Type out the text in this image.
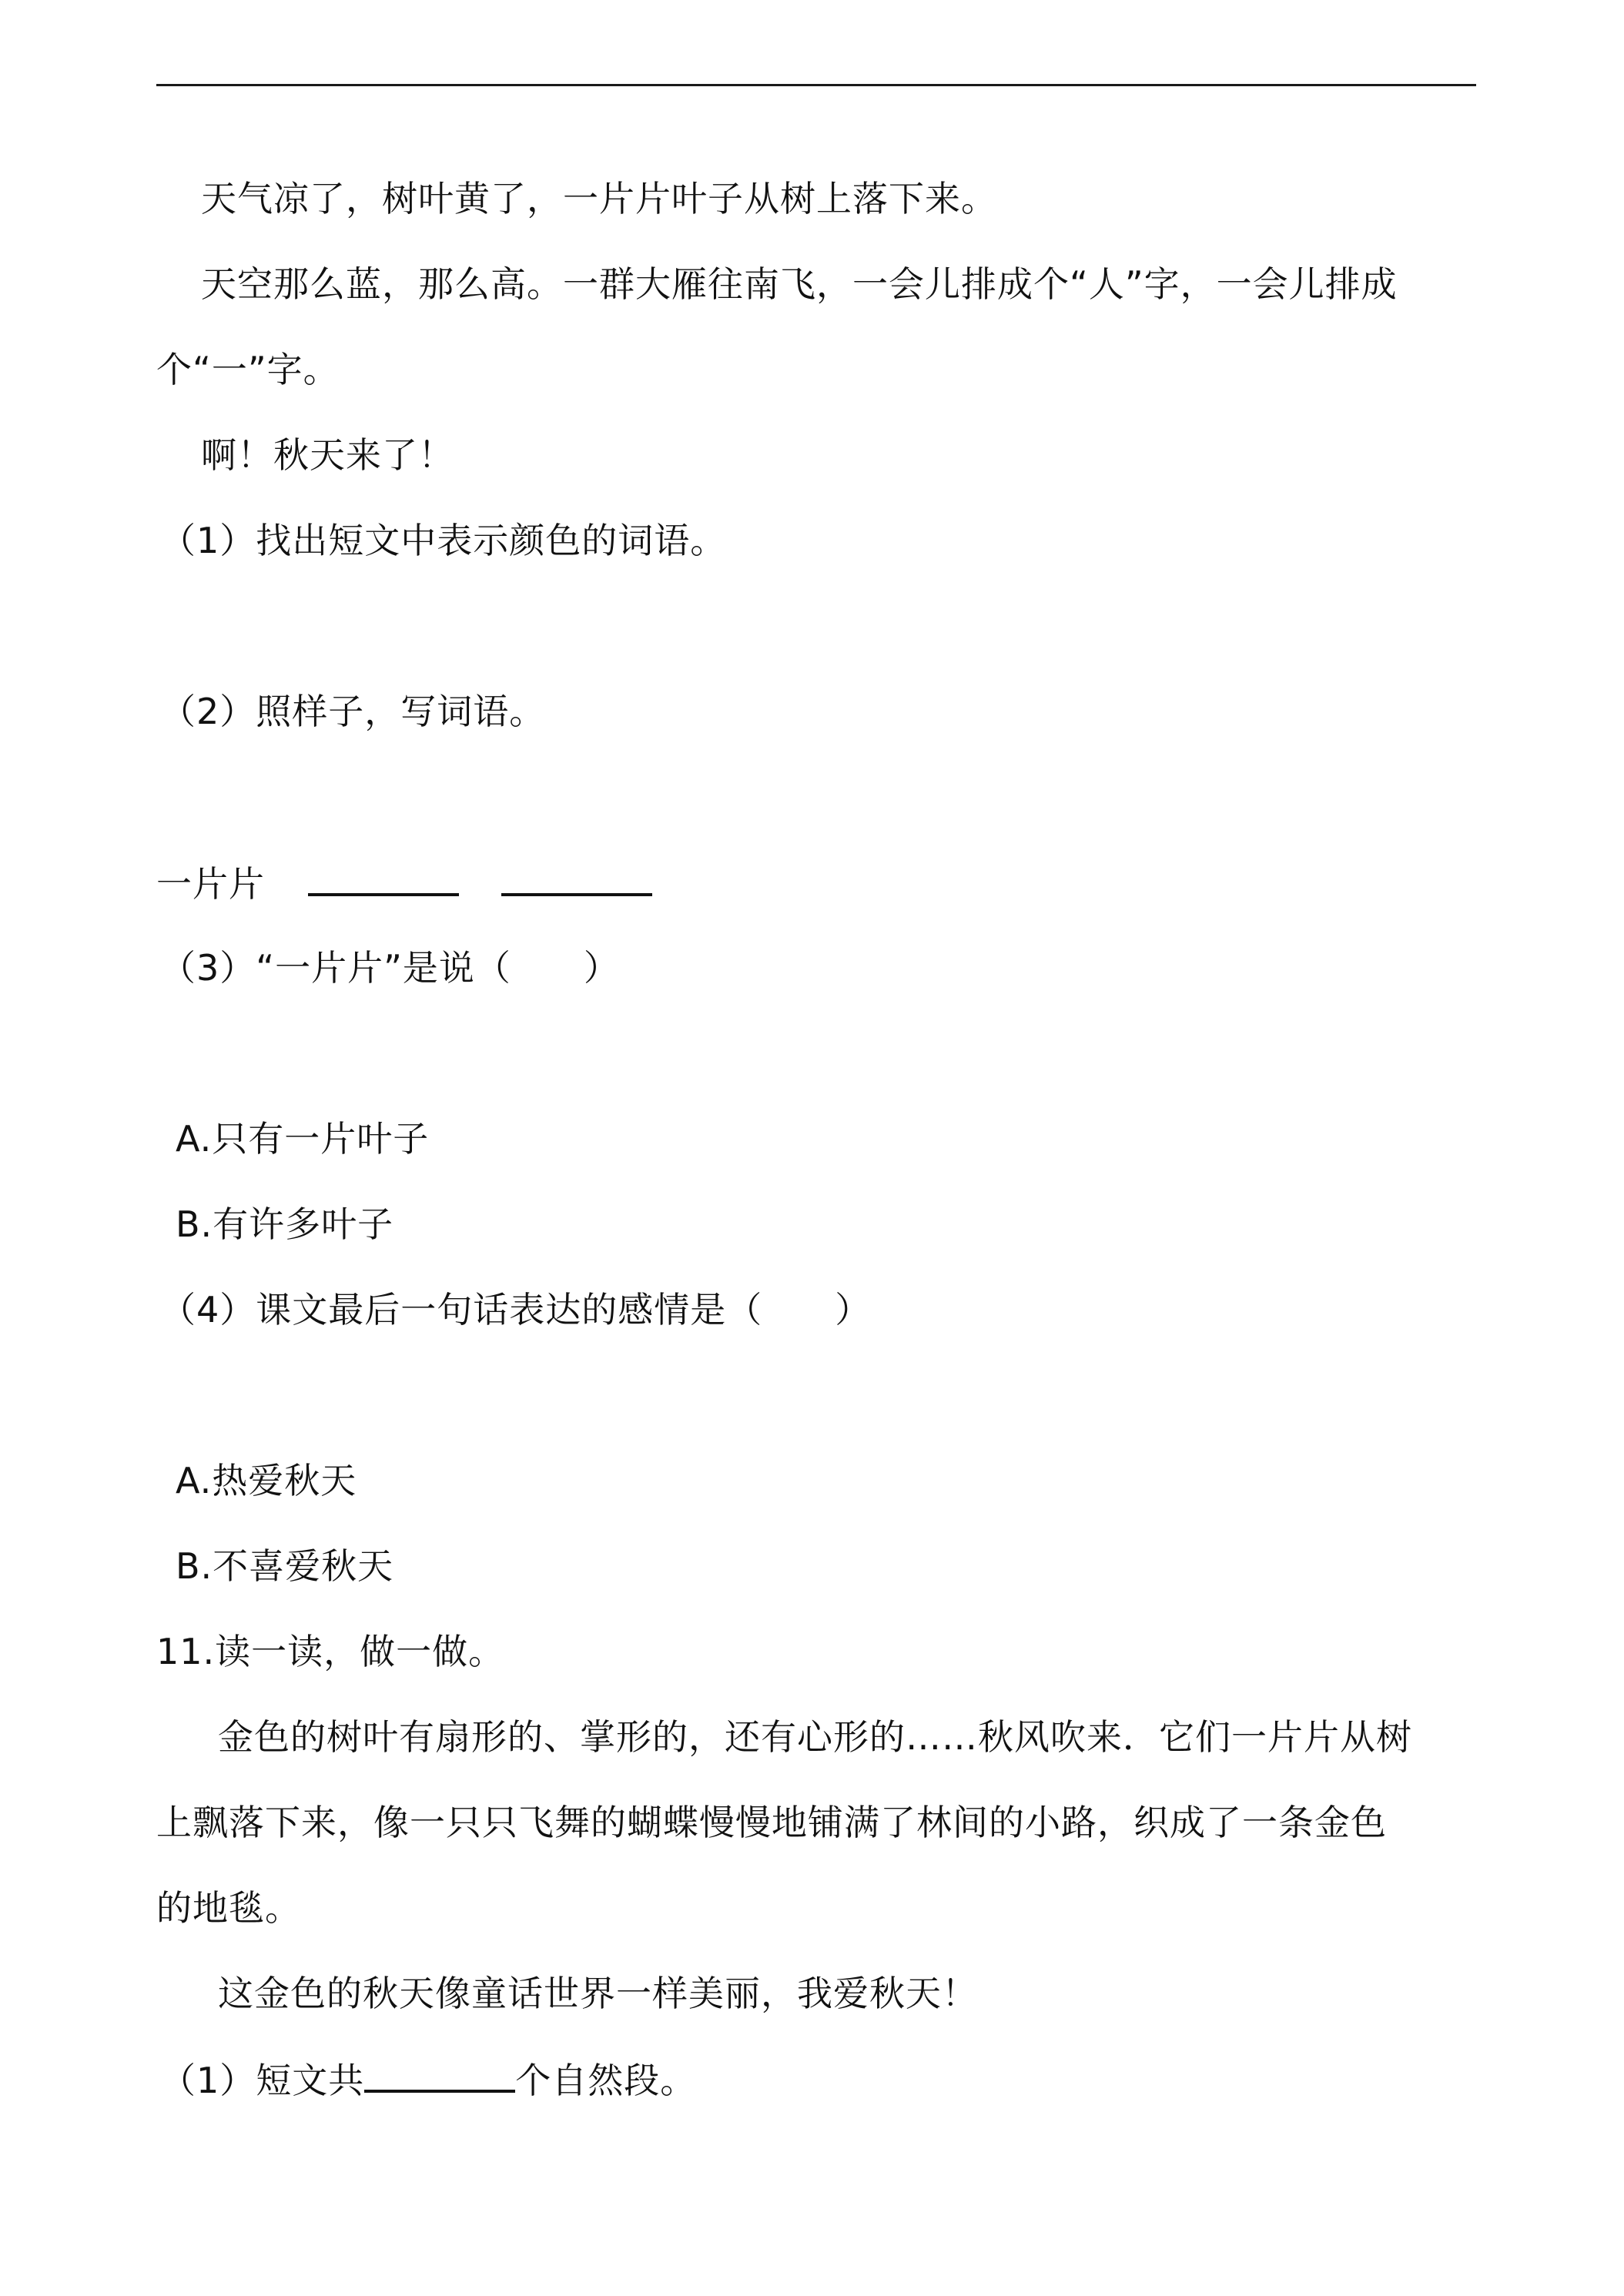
天气凉了，树叶黄了，一片片叶子从树上落下来。
天空那么蓝，那么高。一群大雁往南飞，一会儿排成个“人”字，一会儿排成
个“一”字。
啊！秋天来了！
（1）找出短文中表示颜色的词语。
（2）照样子，写词语。
一片片
（3）“一片片”是说（　　）
A.只有一片叶子
B.有许多叶子
（4）课文最后一句话表达的感情是（　　）
A.热爱秋天
B.不喜爱秋天
11.读一读，做一做。
金色的树叶有扇形的、掌形的，还有心形的……秋风吹来．它们一片片从树
上飘落下来，像一只只飞舞的蝴蝶慢慢地铺满了林间的小路，织成了一条金色
的地毯。
这金色的秋天像童话世界一样美丽，我爱秋天！
（1）短文共	个自然段。
